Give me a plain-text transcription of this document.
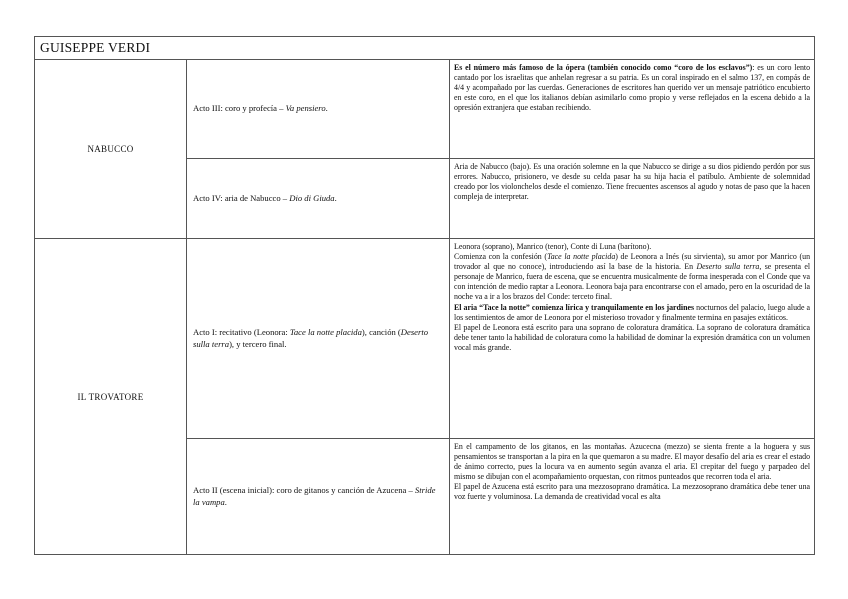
GUISEPPE VERDI		
NABUCCO	Acto III: coro y profecía – Va pensiero.	Es el número más famoso de la ópera (también conocido como “coro de los esclavos”): es un coro lento cantado por los israelitas que anhelan regresar a su patria. Es un coral inspirado en el salmo 137, en compás de 4/4 y acompañado por las cuerdas. Generaciones de escritores han querido ver un mensaje patriótico encubierto en este coro, en el que los italianos debían asimilarlo como propio y verse reflejados en la escena debido a la opresión extranjera que estaban recibiendo.

	Acto IV: aria de Nabucco – Dio di Giuda.	Aria de Nabucco (bajo). Es una oración solemne en la que Nabucco se dirige a su dios pidiendo perdón por sus errores. Nabucco, prisionero, ve desde su celda pasar ha su hija hacia el patíbulo. Ambiente de solemnidad creado por los violonchelos desde el comienzo. Tiene frecuentes ascensos al agudo y notas de paso que la hacen compleja de interpretar.

IL TROVATORE	Acto I: recitativo (Leonora: Tace la notte placida), canción (Deserto sulla terra), y tercero final.	Leonora (soprano), Manrico (tenor), Conte di Luna (barítono).

Comienza con la confesión (Tace la notte placida) de Leonora a Inés (su sirvienta), su amor por Manrico (un trovador al que no conoce), introduciendo así la base de la historia. En Deserto sulla terra, se presenta el personaje de Manrico, fuera de escena, que se encuentra musicalmente de forma inesperada con el Conde que va con intención de medio raptar a Leonora. Leonora baja para encontrarse con el amado, pero en la oscuridad de la noche va a ir a los brazos del Conde: terceto final.

El aria “Tace la notte” comienza lírica y tranquilamente en los jardines nocturnos del palacio, luego alude a los sentimientos de amor de Leonora por el misterioso trovador y finalmente termina en pasajes extáticos.

El papel de Leonora está escrito para una soprano de coloratura dramática. La soprano de coloratura dramática debe tener tanto la habilidad de coloratura como la habilidad de dominar la expresión dramática con un volumen vocal más grande.

	Acto II (escena inicial): coro de gitanos y canción de Azucena – Stride la vampa.	En el campamento de los gitanos, en las montañas. Azucecna (mezzo) se sienta frente a la hoguera y sus pensamientos se transportan a la pira en la que quemaron a su madre. El mayor desafío del aria es crear el estado de ánimo correcto, pues la locura va en aumento según avanza el aria. El crepitar del fuego y parpadeo del mismo se dibujan con el acompañamiento orquestan, con ritmos punteados que recorren toda el aria.

El papel de Azucena está escrito para una mezzosoprano dramática. La mezzosoprano dramática debe tener una voz fuerte y voluminosa. La demanda de creatividad vocal es alta
